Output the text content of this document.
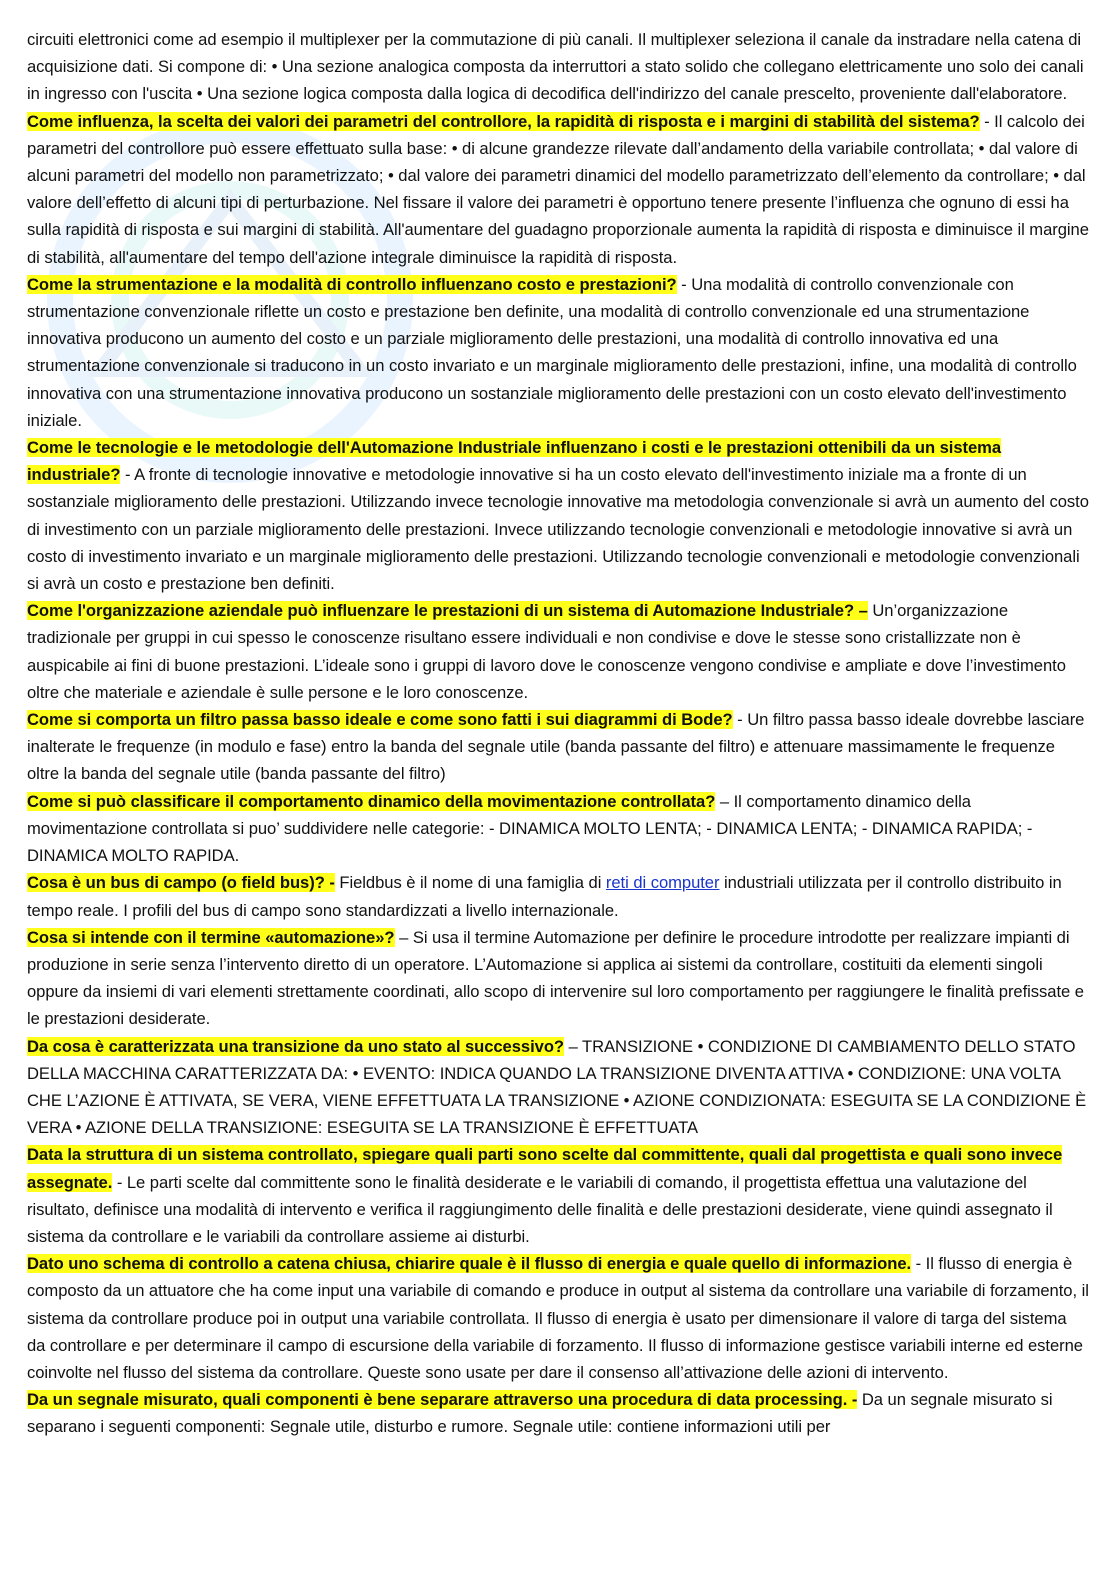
circuiti elettronici come ad esempio il multiplexer per la commutazione di più canali. Il multiplexer seleziona il canale da instradare nella catena di acquisizione dati. Si compone di: • Una sezione analogica composta da interruttori a stato solido che collegano elettricamente uno solo dei canali in ingresso con l'uscita • Una sezione logica composta dalla logica di decodifica dell'indirizzo del canale prescelto, proveniente dall'elaboratore.

Come influenza, la scelta dei valori dei parametri del controllore, la rapidità di risposta e i margini di stabilità del sistema? - Il calcolo dei parametri del controllore può essere effettuato sulla base: • di alcune grandezze rilevate dall’andamento della variabile controllata; • dal valore di alcuni parametri del modello non parametrizzato; • dal valore dei parametri dinamici del modello parametrizzato dell’elemento da controllare; • dal valore dell’effetto di alcuni tipi di perturbazione. Nel fissare il valore dei parametri è opportuno tenere presente l’influenza che ognuno di essi ha sulla rapidità di risposta e sui margini di stabilità. All'aumentare del guadagno proporzionale aumenta la rapidità di risposta e diminuisce il margine di stabilità, all'aumentare del tempo dell'azione integrale diminuisce la rapidità di risposta.

Come la strumentazione e la modalità di controllo influenzano costo e prestazioni? - Una modalità di controllo convenzionale con strumentazione convenzionale riflette un costo e prestazione ben definite, una modalità di controllo convenzionale ed una strumentazione innovativa producono un aumento del costo e un parziale miglioramento delle prestazioni, una modalità di controllo innovativa ed una strumentazione convenzionale si traducono in un costo invariato e un marginale miglioramento delle prestazioni, infine, una modalità di controllo innovativa con una strumentazione innovativa producono un sostanziale miglioramento delle prestazioni con un costo elevato dell'investimento iniziale.

Come le tecnologie e le metodologie dell'Automazione Industriale influenzano i costi e le prestazioni ottenibili da un sistema industriale? - A fronte di tecnologie innovative e metodologie innovative si ha un costo elevato dell'investimento iniziale ma a fronte di un sostanziale miglioramento delle prestazioni. Utilizzando invece tecnologie innovative ma metodologia convenzionale si avrà un aumento del costo di investimento con un parziale miglioramento delle prestazioni. Invece utilizzando tecnologie convenzionali e metodologie innovative si avrà un costo di investimento invariato e un marginale miglioramento delle prestazioni. Utilizzando tecnologie convenzionali e metodologie convenzionali si avrà un costo e prestazione ben definiti.

Come l'organizzazione aziendale può influenzare le prestazioni di un sistema di Automazione Industriale? – Un’organizzazione tradizionale per gruppi in cui spesso le conoscenze risultano essere individuali e non condivise e dove le stesse sono cristallizzate non è auspicabile ai fini di buone prestazioni. L’ideale sono i gruppi di lavoro dove le conoscenze vengono condivise e ampliate e dove l’investimento oltre che materiale e aziendale è sulle persone e le loro conoscenze.

Come si comporta un filtro passa basso ideale e come sono fatti i sui diagrammi di Bode? - Un filtro passa basso ideale dovrebbe lasciare inalterate le frequenze (in modulo e fase) entro la banda del segnale utile (banda passante del filtro) e attenuare massimamente le frequenze oltre la banda del segnale utile (banda passante del filtro)

Come si può classificare il comportamento dinamico della movimentazione controllata? – Il comportamento dinamico della movimentazione controllata si puo’ suddividere nelle categorie: - DINAMICA MOLTO LENTA; - DINAMICA LENTA; - DINAMICA RAPIDA; - DINAMICA MOLTO RAPIDA.

Cosa è un bus di campo (o field bus)? - Fieldbus è il nome di una famiglia di reti di computer industriali utilizzata per il controllo distribuito in tempo reale. I profili del bus di campo sono standardizzati a livello internazionale.

Cosa si intende con il termine «automazione»? – Si usa il termine Automazione per definire le procedure introdotte per realizzare impianti di produzione in serie senza l’intervento diretto di un operatore. L’Automazione si applica ai sistemi da controllare, costituiti da elementi singoli oppure da insiemi di vari elementi strettamente coordinati, allo scopo di intervenire sul loro comportamento per raggiungere le finalità prefissate e le prestazioni desiderate.

Da cosa è caratterizzata una transizione da uno stato al successivo? – TRANSIZIONE • CONDIZIONE DI CAMBIAMENTO DELLO STATO DELLA MACCHINA CARATTERIZZATA DA: • EVENTO: INDICA QUANDO LA TRANSIZIONE DIVENTA ATTIVA • CONDIZIONE: UNA VOLTA CHE L’AZIONE È ATTIVATA, SE VERA, VIENE EFFETTUATA LA TRANSIZIONE • AZIONE CONDIZIONATA: ESEGUITA SE LA CONDIZIONE È VERA • AZIONE DELLA TRANSIZIONE: ESEGUITA SE LA TRANSIZIONE È EFFETTUATA

Data la struttura di un sistema controllato, spiegare quali parti sono scelte dal committente, quali dal progettista e quali sono invece assegnate. - Le parti scelte dal committente sono le finalità desiderate e le variabili di comando, il progettista effettua una valutazione del risultato, definisce una modalità di intervento e verifica il raggiungimento delle finalità e delle prestazioni desiderate, viene quindi assegnato il sistema da controllare e le variabili da controllare assieme ai disturbi.

Dato uno schema di controllo a catena chiusa, chiarire quale è il flusso di energia e quale quello di informazione. - Il flusso di energia è composto da un attuatore che ha come input una variabile di comando e produce in output al sistema da controllare una variabile di forzamento, il sistema da controllare produce poi in output una variabile controllata. Il flusso di energia è usato per dimensionare il valore di targa del sistema da controllare e per determinare il campo di escursione della variabile di forzamento. Il flusso di informazione gestisce variabili interne ed esterne coinvolte nel flusso del sistema da controllare. Queste sono usate per dare il consenso all’attivazione delle azioni di intervento.

Da un segnale misurato, quali componenti è bene separare attraverso una procedura di data processing. - Da un segnale misurato si separano i seguenti componenti: Segnale utile, disturbo e rumore. Segnale utile: contiene informazioni utili per
